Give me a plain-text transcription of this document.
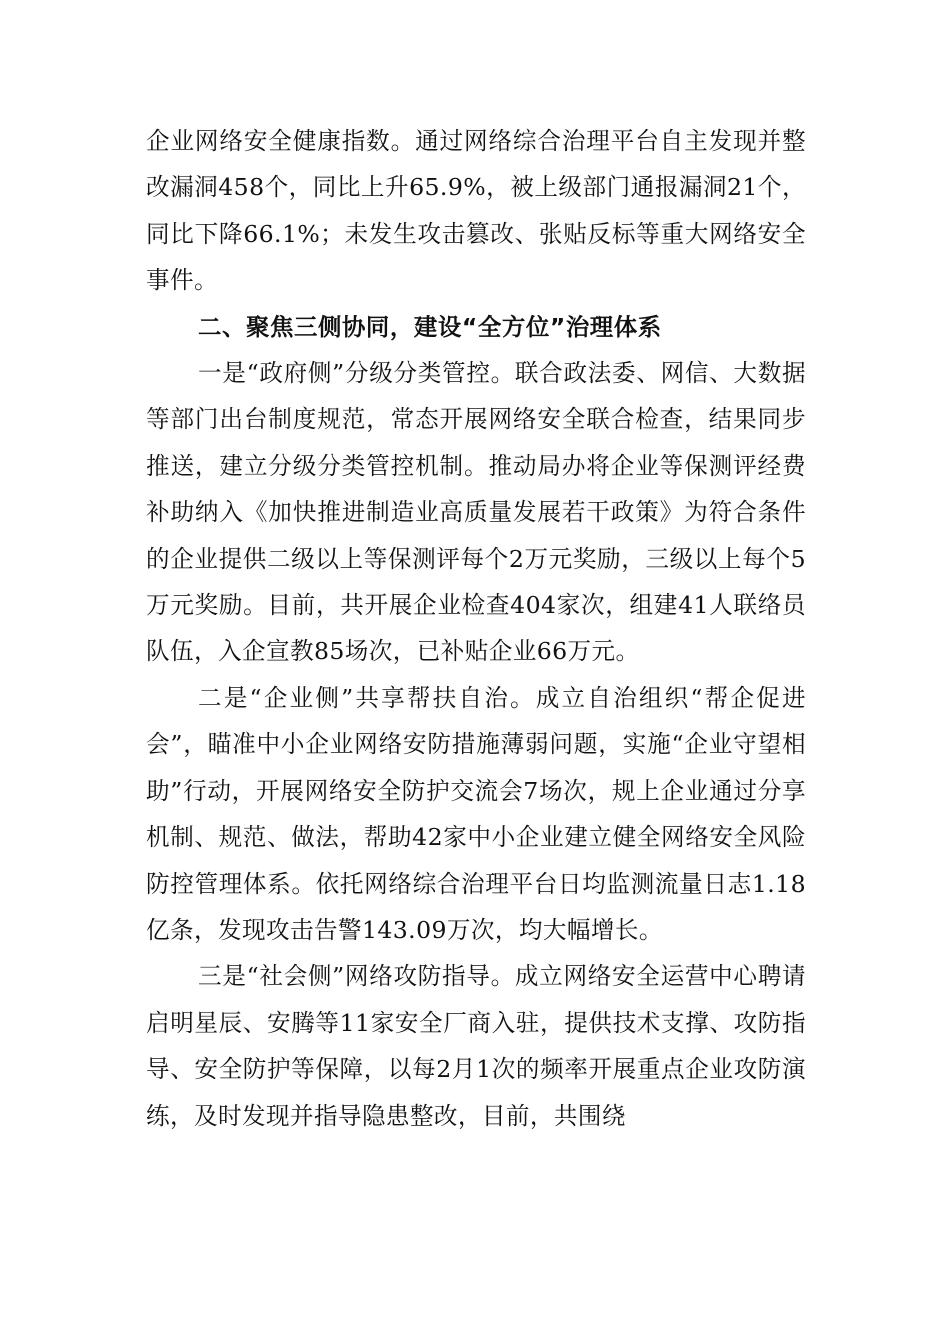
企业网络安全健康指数。通过网络综合治理平台自主发现并整改漏洞458个，同比上升65.9%，被上级部门通报漏洞21个，同比下降66.1%；未发生攻击篡改、张贴反标等重大网络安全事件。

二、聚焦三侧协同，建设“全方位”治理体系

一是“政府侧”分级分类管控。联合政法委、网信、大数据等部门出台制度规范，常态开展网络安全联合检查，结果同步推送，建立分级分类管控机制。推动局办将企业等保测评经费补助纳入《加快推进制造业高质量发展若干政策》为符合条件的企业提供二级以上等保测评每个2万元奖励，三级以上每个5万元奖励。目前，共开展企业检查404家次，组建41人联络员队伍，入企宣教85场次，已补贴企业66万元。

二是“企业侧”共享帮扶自治。成立自治组织“帮企促进会”，瞄准中小企业网络安防措施薄弱问题，实施“企业守望相助”行动，开展网络安全防护交流会7场次，规上企业通过分享机制、规范、做法，帮助42家中小企业建立健全网络安全风险防控管理体系。依托网络综合治理平台日均监测流量日志1.18亿条，发现攻击告警143.09万次，均大幅增长。

三是“社会侧”网络攻防指导。成立网络安全运营中心聘请启明星辰、安腾等11家安全厂商入驻，提供技术支撑、攻防指导、安全防护等保障，以每2月1次的频率开展重点企业攻防演练，及时发现并指导隐患整改，目前，共围绕
